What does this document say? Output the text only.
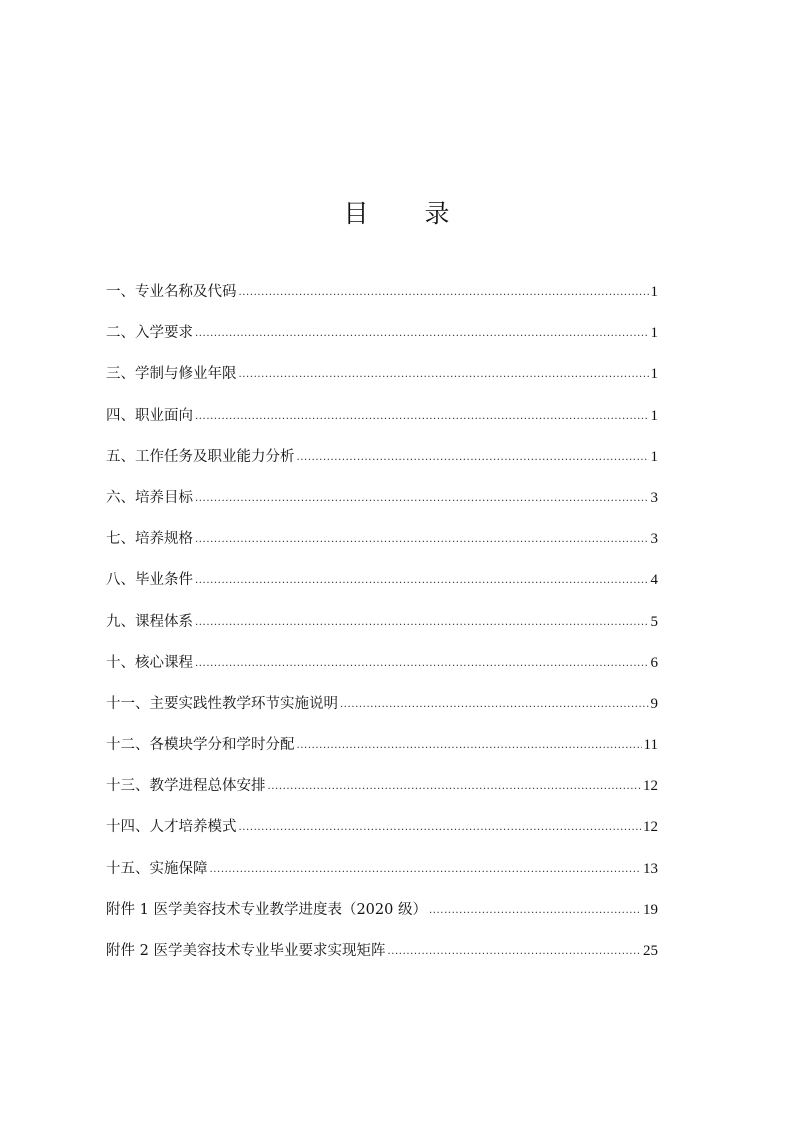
目 录
一、专业名称及代码 .....	1
二、入学要求 .....	1
三、学制与修业年限 .....	1
四、职业面向 .....	1
五、工作任务及职业能力分析 .....	1
六、培养目标 .....	3
七、培养规格 .....	3
八、毕业条件 .....	4
九、课程体系 .....	5
十、核心课程 .....	6
十一、主要实践性教学环节实施说明 .....	9
十二、各模块学分和学时分配 .....	11
十三、教学进程总体安排 .....	12
十四、人才培养模式 .....	12
十五、实施保障 .....	13
附件 1 医学美容技术专业教学进度表（2020 级） .....	19
附件 2 医学美容技术专业毕业要求实现矩阵 .....	25
